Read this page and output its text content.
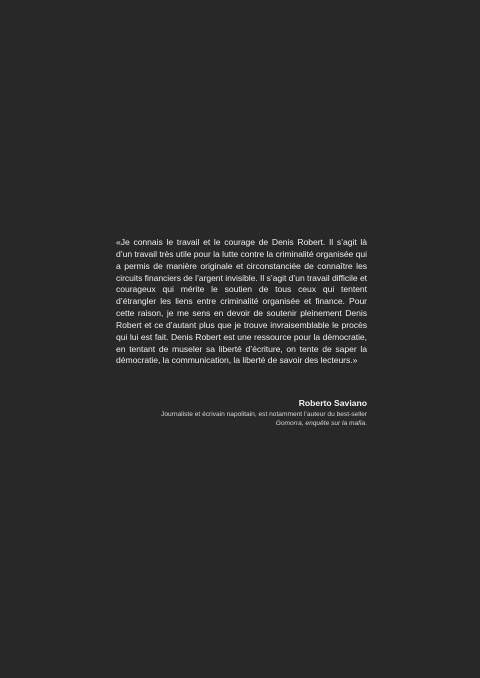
«Je connais le travail et le courage de Denis Robert. Il s’agit là d’un travail très utile pour la lutte contre la criminalité organisée qui a permis de manière originale et circonstanciée de connaître les circuits financiers de l’argent invisible. Il s’agit d’un travail difficile et courageux qui mérite le soutien de tous ceux qui tentent d’étrangler les liens entre criminalité organisée et finance. Pour cette raison, je me sens en devoir de soutenir pleinement Denis Robert et ce d’autant plus que je trouve invraisemblable le procès qui lui est fait. Denis Robert est une ressource pour la démocratie, en tentant de museler sa liberté d’écriture, on tente de saper la démocratie, la communication, la liberté de savoir des lecteurs.»

Roberto Saviano
Journaliste et écrivain napolitain, est notamment l’auteur du best-seller
Gomorra, enquête sur la mafia.
